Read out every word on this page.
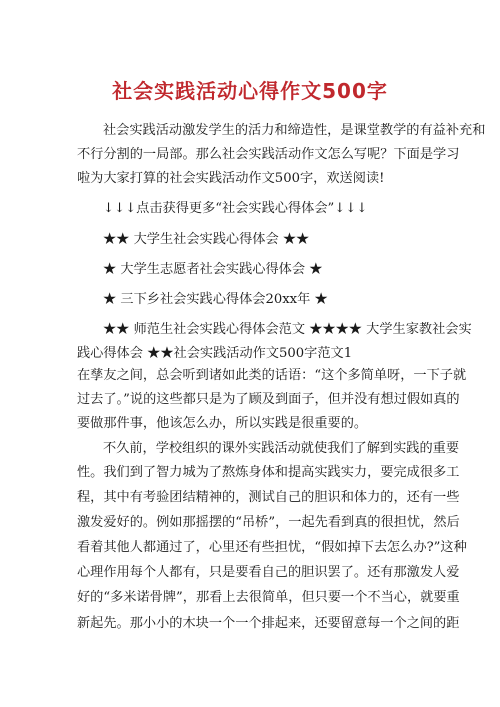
社会实践活动心得作文500字
社会实践活动激发学生的活力和缔造性，是课堂教学的有益补充和
不行分割的一局部。那么社会实践活动作文怎么写呢？下面是学习
啦为大家打算的社会实践活动作文500字，欢送阅读!
↓↓↓点击获得更多“社会实践心得体会”↓↓↓
★★ 大学生社会实践心得体会 ★★
★ 大学生志愿者社会实践心得体会 ★
★ 三下乡社会实践心得体会20xx年 ★
★★ 师范生社会实践心得体会范文 ★★★★ 大学生家教社会实
践心得体会 ★★社会实践活动作文500字范文1
在孳友之间，总会听到诸如此类的话语：“这个多简单呀，一下子就
过去了。”说的这些都只是为了顾及到面子，但并没有想过假如真的
要做那件事，他该怎么办，所以实践是很重要的。
不久前，学校组织的课外实践活动就使我们了解到实践的重要
性。我们到了智力城为了熬炼身体和提高实践实力，要完成很多工
程，其中有考验团结精神的，测试自己的胆识和体力的，还有一些
激发爱好的。例如那摇摆的“吊桥”，一起先看到真的很担忧，然后
看着其他人都通过了，心里还有些担忧，“假如掉下去怎么办?”这种
心理作用每个人都有，只是要看自己的胆识罢了。还有那激发人爱
好的“多米诺骨牌”，那看上去很简单，但只要一个不当心，就要重
新起先。那小小的木块一个一个排起来，还要留意每一个之间的距
